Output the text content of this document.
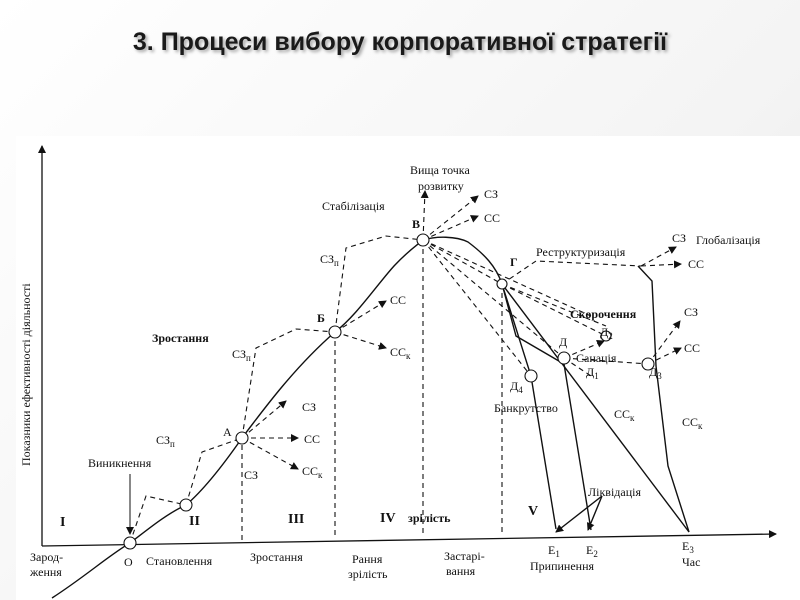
3. Процеси вибору корпоративної стратегії
Показники ефективності діяльності
I	II	III	IV зрілість	V
Зарод-
ження
О Становлення	Зростання	Рання
зрілість
Застарі-
вання
$Е_1$ $Е_2$
Припинення
$Е_3$
Час
Виникнення
Зростання
Стабілізація
Вища точка
розвитку
Реструктуризація
Глобалізація
Скорочення
Санація
Банкрутство
Ліквідація
А
Б
В
Г
Д
$Д_4$
$Д_2$
$Д_1$	$Д_3$
$СЗ_п$
СЗ
СЗ
СС
$СС_к$
$СЗ_п$
СС
$СС_к$
$СЗ_п$
СЗ
СС
СЗ
СС
СЗ
СС
$СС_к$	$СС_к$
